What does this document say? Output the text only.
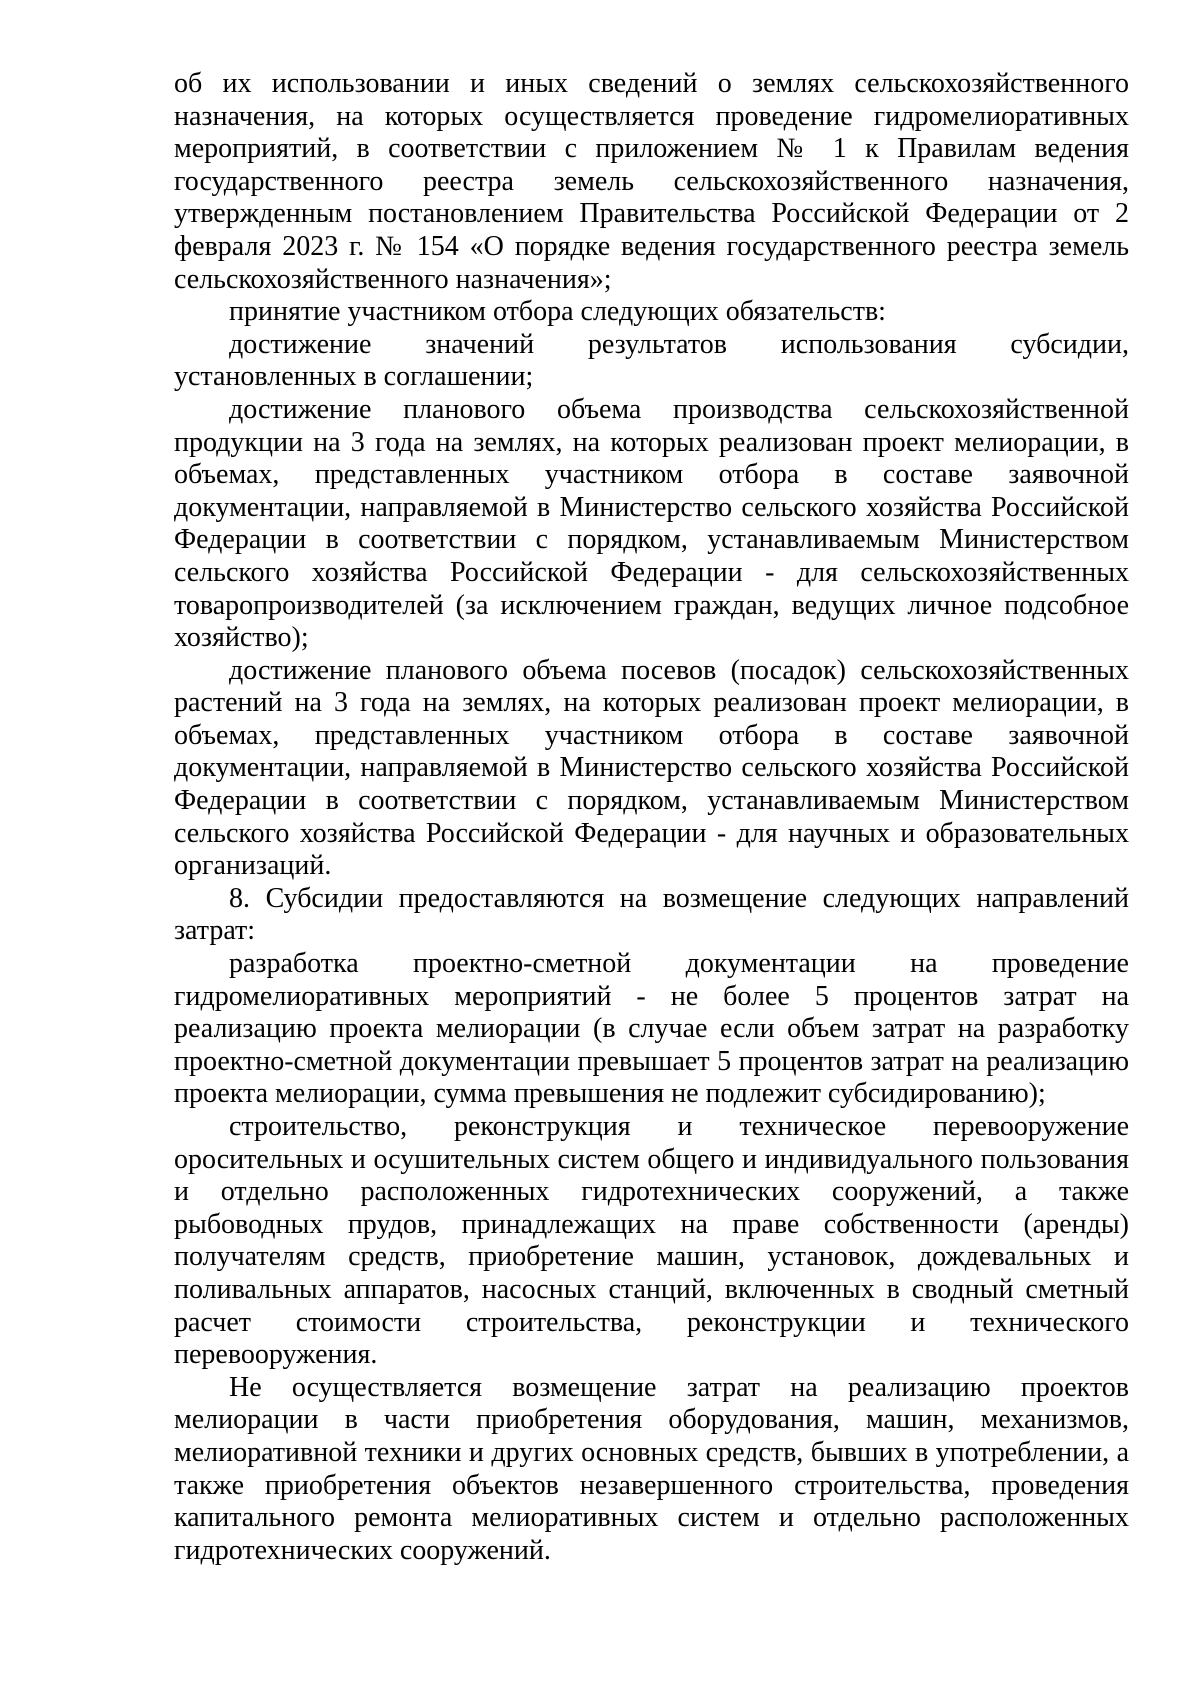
об их использовании и иных сведений о землях сельскохозяйственного назначения, на которых осуществляется проведение гидромелиоративных мероприятий, в соответствии с приложением № 1 к Правилам ведения государственного реестра земель сельскохозяйственного назначения, утвержденным постановлением Правительства Российской Федерации от 2 февраля 2023 г. № 154 «О порядке ведения государственного реестра земель сельскохозяйственного назначения»;

принятие участником отбора следующих обязательств:

достижение значений результатов использования субсидии, установленных в соглашении;

достижение планового объема производства сельскохозяйственной продукции на 3 года на землях, на которых реализован проект мелиорации, в объемах, представленных участником отбора в составе заявочной документации, направляемой в Министерство сельского хозяйства Российской Федерации в соответствии с порядком, устанавливаемым Министерством сельского хозяйства Российской Федерации - для сельскохозяйственных товаропроизводителей (за исключением граждан, ведущих личное подсобное хозяйство);

достижение планового объема посевов (посадок) сельскохозяйственных растений на 3 года на землях, на которых реализован проект мелиорации, в объемах, представленных участником отбора в составе заявочной документации, направляемой в Министерство сельского хозяйства Российской Федерации в соответствии с порядком, устанавливаемым Министерством сельского хозяйства Российской Федерации - для научных и образовательных организаций.

8. Субсидии предоставляются на возмещение следующих направлений затрат:

разработка проектно-сметной документации на проведение гидромелиоративных мероприятий - не более 5 процентов затрат на реализацию проекта мелиорации (в случае если объем затрат на разработку проектно-сметной документации превышает 5 процентов затрат на реализацию проекта мелиорации, сумма превышения не подлежит субсидированию);

строительство, реконструкция и техническое перевооружение оросительных и осушительных систем общего и индивидуального пользования и отдельно расположенных гидротехнических сооружений, а также рыбоводных прудов, принадлежащих на праве собственности (аренды) получателям средств, приобретение машин, установок, дождевальных и поливальных аппаратов, насосных станций, включенных в сводный сметный расчет стоимости строительства, реконструкции и технического перевооружения.

Не осуществляется возмещение затрат на реализацию проектов мелиорации в части приобретения оборудования, машин, механизмов, мелиоративной техники и других основных средств, бывших в употреблении, а также приобретения объектов незавершенного строительства, проведения капитального ремонта мелиоративных систем и отдельно расположенных гидротехнических сооружений.
